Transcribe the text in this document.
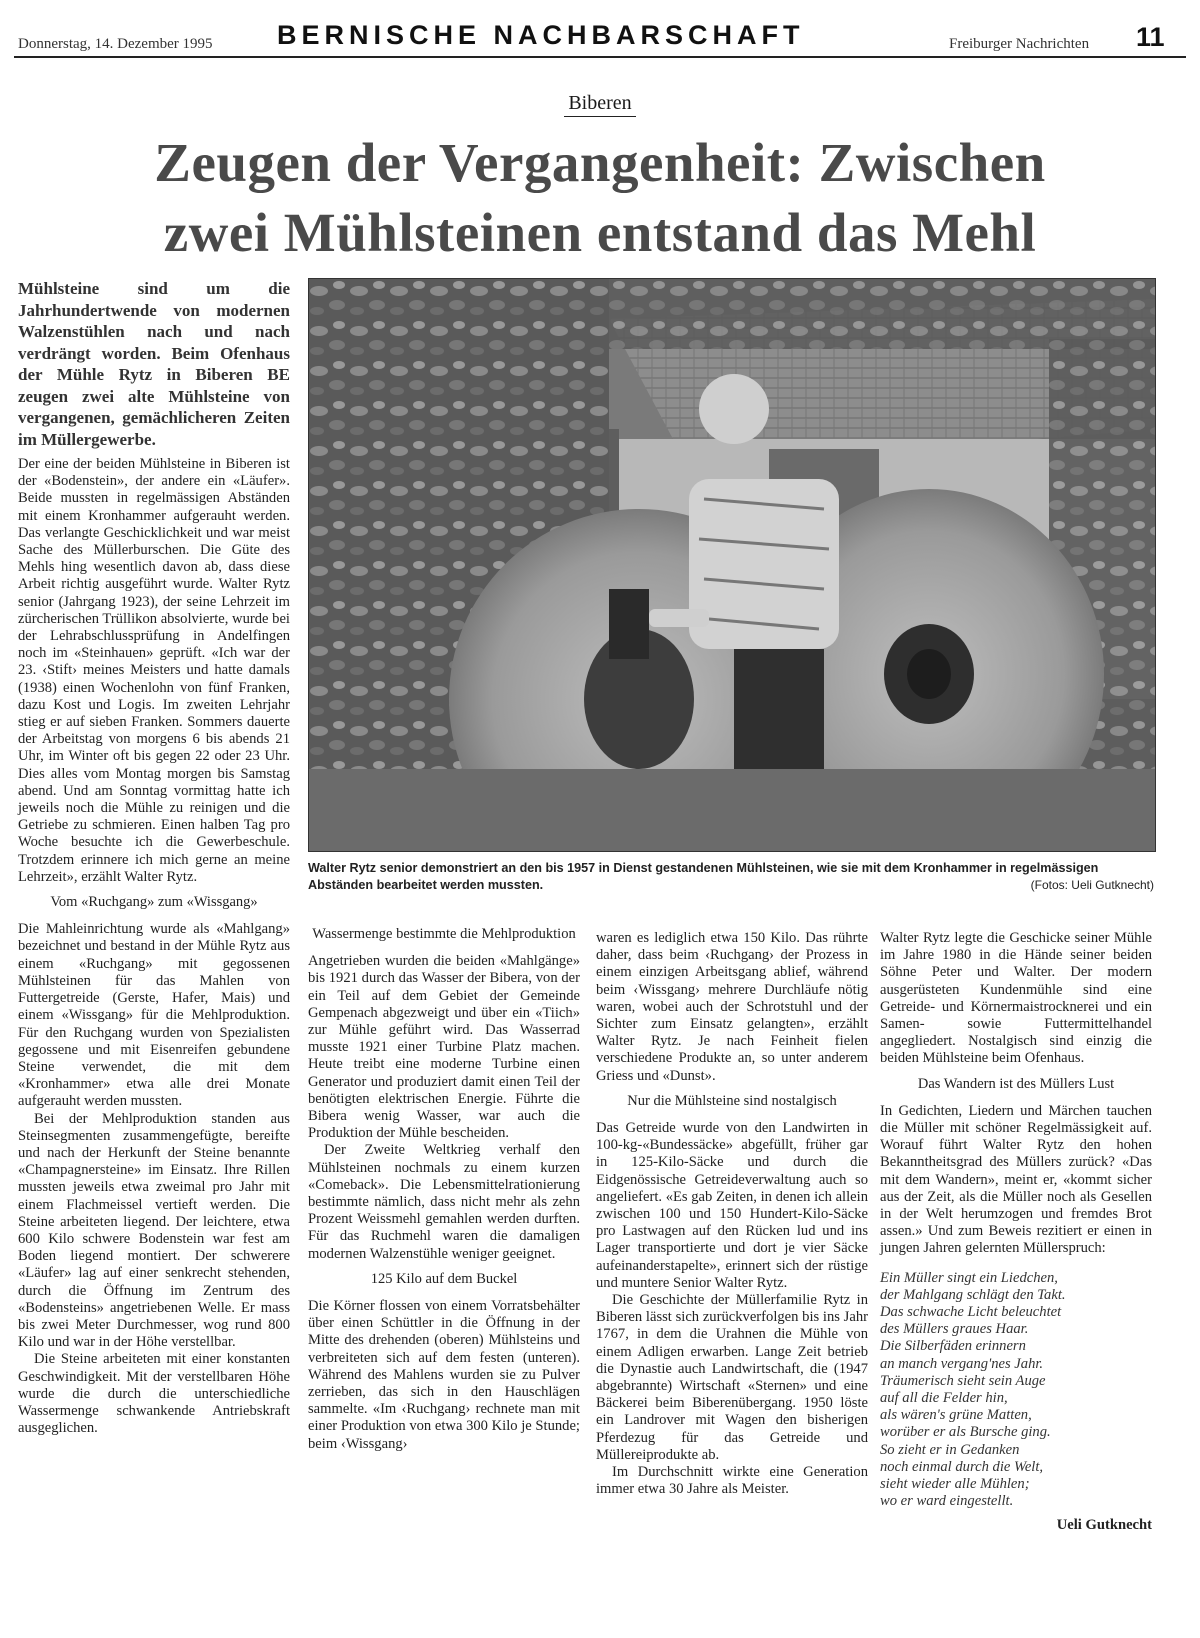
Donnerstag, 14. Dezember 1995 BERNISCHE NACHBARSCHAFT	Freiburger Nachrichten 11
Biberen
Zeugen der Vergangenheit: Zwischen
zwei Mühlsteinen entstand das Mehl
Mühlsteine sind um die Jahrhundertwende von modernen Walzenstühlen nach und nach verdrängt worden. Beim Ofenhaus der Mühle Rytz in Biberen BE zeugen zwei alte Mühlsteine von vergangenen, gemächlicheren Zeiten im Müllergewerbe.
Walter Rytz senior demonstriert an den bis 1957 in Dienst gestandenen Mühlsteinen, wie sie mit dem Kronhammer in regelmässigen Abständen bearbeitet werden mussten.	(Fotos: Ueli Gutknecht)

Der eine der beiden Mühlsteine in Biberen ist der «Bodenstein», der andere ein «Läufer». Beide mussten in regelmässigen Abständen mit einem Kronhammer aufgerauht werden. Das verlangte Geschicklichkeit und war meist Sache des Müllerburschen. Die Güte des Mehls hing wesentlich davon ab, dass diese Arbeit richtig ausgeführt wurde. Walter Rytz senior (Jahrgang 1923), der seine Lehrzeit im zürcherischen Trüllikon absolvierte, wurde bei der Lehrabschlussprüfung in Andelfingen noch im «Steinhauen» geprüft. «Ich war der 23. ‹Stift› meines Meisters und hatte damals (1938) einen Wochenlohn von fünf Franken, dazu Kost und Logis. Im zweiten Lehrjahr stieg er auf sieben Franken. Sommers dauerte der Arbeitstag von morgens 6 bis abends 21 Uhr, im Winter oft bis gegen 22 oder 23 Uhr. Dies alles vom Montag morgen bis Samstag abend. Und am Sonntag vormittag hatte ich jeweils noch die Mühle zu reinigen und die Getriebe zu schmieren. Einen halben Tag pro Woche besuchte ich die Gewerbeschule. Trotzdem erinnere ich mich gerne an meine Lehrzeit», erzählt Walter Rytz.

Vom «Ruchgang» zum «Wissgang»

Die Mahleinrichtung wurde als «Mahlgang» bezeichnet und bestand in der Mühle Rytz aus einem «Ruchgang» mit gegossenen Mühlsteinen für das Mahlen von Futtergetreide (Gerste, Hafer, Mais) und einem «Wissgang» für die Mehlproduktion. Für den Ruchgang wurden von Spezialisten gegossene und mit Eisenreifen gebundene Steine verwendet, die mit dem «Kronhammer» etwa alle drei Monate aufgerauht werden mussten.

Bei der Mehlproduktion standen aus Steinsegmenten zusammengefügte, bereifte und nach der Herkunft der Steine benannte «Champagnersteine» im Einsatz. Ihre Rillen mussten jeweils etwa zweimal pro Jahr mit einem Flachmeissel vertieft werden. Die Steine arbeiteten liegend. Der leichtere, etwa 600 Kilo schwere Bodenstein war fest am Boden liegend montiert. Der schwerere «Läufer» lag auf einer senkrecht stehenden, durch die Öffnung im Zentrum des «Bodensteins» angetriebenen Welle. Er mass bis zwei Meter Durchmesser, wog rund 800 Kilo und war in der Höhe verstellbar.

Die Steine arbeiteten mit einer konstanten Geschwindigkeit. Mit der verstellbaren Höhe wurde die durch die unterschiedliche Wassermenge schwankende Antriebskraft ausgeglichen.

Wassermenge bestimmte die Mehlproduktion

Angetrieben wurden die beiden «Mahlgänge» bis 1921 durch das Wasser der Bibera, von der ein Teil auf dem Gebiet der Gemeinde Gempenach abgezweigt und über ein «Tiich» zur Mühle geführt wird. Das Wasserrad musste 1921 einer Turbine Platz machen. Heute treibt eine moderne Turbine einen Generator und produziert damit einen Teil der benötigten elektrischen Energie. Führte die Bibera wenig Wasser, war auch die Produktion der Mühle bescheiden.

Der Zweite Weltkrieg verhalf den Mühlsteinen nochmals zu einem kurzen «Comeback». Die Lebensmittelrationierung bestimmte nämlich, dass nicht mehr als zehn Prozent Weissmehl gemahlen werden durften. Für das Ruchmehl waren die damaligen modernen Walzenstühle weniger geeignet.

125 Kilo auf dem Buckel

Die Körner flossen von einem Vorratsbehälter über einen Schüttler in die Öffnung in der Mitte des drehenden (oberen) Mühlsteins und verbreiteten sich auf dem festen (unteren). Während des Mahlens wurden sie zu Pulver zerrieben, das sich in den Hauschlägen sammelte. «Im ‹Ruchgang› rechnete man mit einer Produktion von etwa 300 Kilo je Stunde; beim ‹Wissgang›

waren es lediglich etwa 150 Kilo. Das rührte daher, dass beim ‹Ruchgang› der Prozess in einem einzigen Arbeitsgang ablief, während beim ‹Wissgang› mehrere Durchläufe nötig waren, wobei auch der Schrotstuhl und der Sichter zum Einsatz gelangten», erzählt Walter Rytz. Je nach Feinheit fielen verschiedene Produkte an, so unter anderem Griess und «Dunst».

Nur die Mühlsteine sind nostalgisch

Das Getreide wurde von den Landwirten in 100-kg-«Bundessäcke» abgefüllt, früher gar in 125-Kilo-Säcke und durch die Eidgenössische Getreideverwaltung auch so angeliefert. «Es gab Zeiten, in denen ich allein zwischen 100 und 150 Hundert-Kilo-Säcke pro Lastwagen auf den Rücken lud und ins Lager transportierte und dort je vier Säcke aufeinanderstapelte», erinnert sich der rüstige und muntere Senior Walter Rytz.

Die Geschichte der Müllerfamilie Rytz in Biberen lässt sich zurückverfolgen bis ins Jahr 1767, in dem die Urahnen die Mühle von einem Adligen erwarben. Lange Zeit betrieb die Dynastie auch Landwirtschaft, die (1947 abgebrannte) Wirtschaft «Sternen» und eine Bäckerei beim Biberenübergang. 1950 löste ein Landrover mit Wagen den bisherigen Pferdezug für das Getreide und Müllereiprodukte ab.

Im Durchschnitt wirkte eine Generation immer etwa 30 Jahre als Meister.

Walter Rytz legte die Geschicke seiner Mühle im Jahre 1980 in die Hände seiner beiden Söhne Peter und Walter. Der modern ausgerüsteten Kundenmühle sind eine Getreide- und Körnermaistrocknerei und ein Samen- sowie Futtermittelhandel angegliedert. Nostalgisch sind einzig die beiden Mühlsteine beim Ofenhaus.

Das Wandern ist des Müllers Lust

In Gedichten, Liedern und Märchen tauchen die Müller mit schöner Regelmässigkeit auf. Worauf führt Walter Rytz den hohen Bekanntheitsgrad des Müllers zurück? «Das mit dem Wandern», meint er, «kommt sicher aus der Zeit, als die Müller noch als Gesellen in der Welt herumzogen und fremdes Brot assen.» Und zum Beweis rezitiert er einen in jungen Jahren gelernten Müllerspruch:

Ein Müller singt ein Liedchen,
der Mahlgang schlägt den Takt.
Das schwache Licht beleuchtet
des Müllers graues Haar.
Die Silberfäden erinnern
an manch vergang'nes Jahr.
Träumerisch sieht sein Auge
auf all die Felder hin,
als wären's grüne Matten,
worüber er als Bursche ging.
So zieht er in Gedanken
noch einmal durch die Welt,
sieht wieder alle Mühlen;
wo er ward eingestellt.
Ueli Gutknecht
